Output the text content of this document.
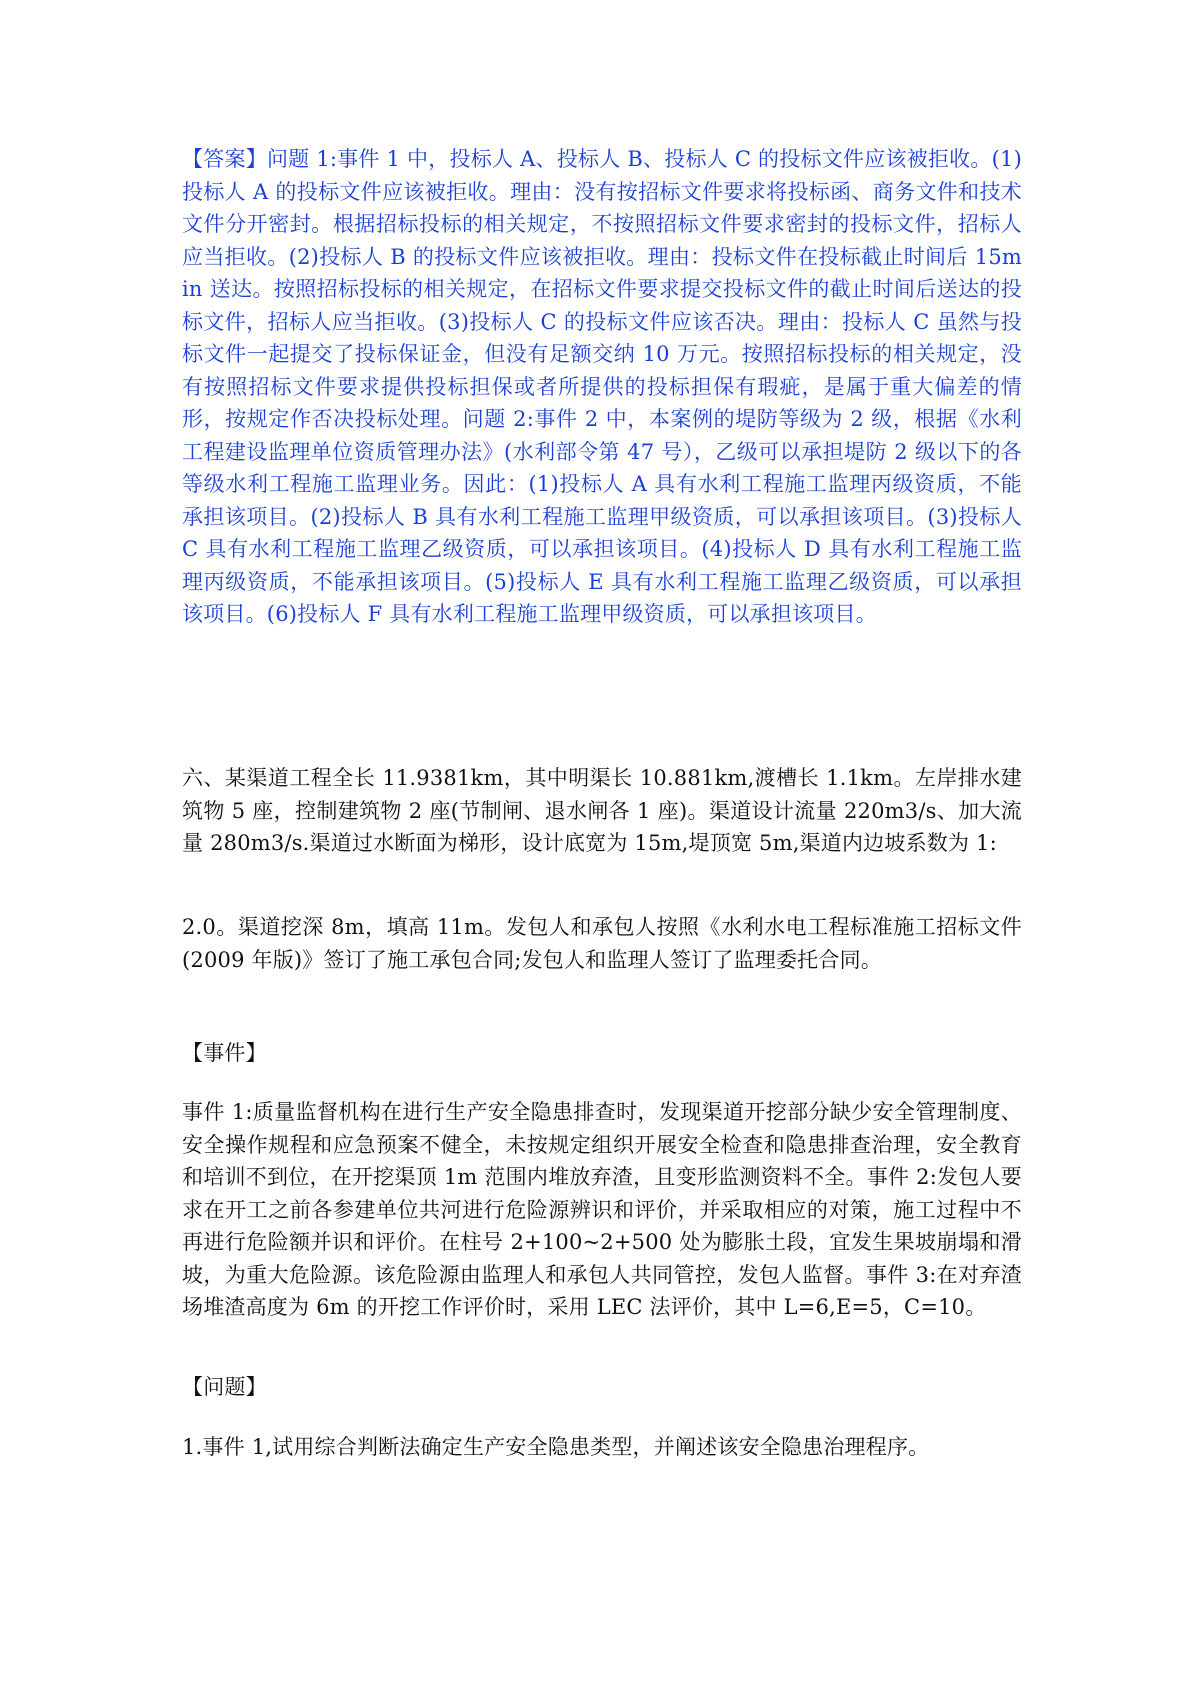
【答案】问题 1:事件 1 中，投标人 A、投标人 B、投标人 C 的投标文件应该被拒收。(1)投标人 A 的投标文件应该被拒收。理由：没有按招标文件要求将投标函、商务文件和技术文件分开密封。根据招标投标的相关规定，不按照招标文件要求密封的投标文件，招标人应当拒收。(2)投标人 B 的投标文件应该被拒收。理由：投标文件在投标截止时间后 15min 送达。按照招标投标的相关规定，在招标文件要求提交投标文件的截止时间后送达的投标文件，招标人应当拒收。(3)投标人 C 的投标文件应该否决。理由：投标人 C 虽然与投标文件一起提交了投标保证金，但没有足额交纳 10 万元。按照招标投标的相关规定，没有按照招标文件要求提供投标担保或者所提供的投标担保有瑕疵，是属于重大偏差的情形，按规定作否决投标处理。问题 2:事件 2 中，本案例的堤防等级为 2 级，根据《水利工程建设监理单位资质管理办法》(水利部令第 47 号），乙级可以承担堤防 2 级以下的各等级水利工程施工监理业务。因此：(1)投标人 A 具有水利工程施工监理丙级资质，不能承担该项目。(2)投标人 B 具有水利工程施工监理甲级资质，可以承担该项目。(3)投标人 C 具有水利工程施工监理乙级资质，可以承担该项目。(4)投标人 D 具有水利工程施工监理丙级资质，不能承担该项目。(5)投标人 E 具有水利工程施工监理乙级资质，可以承担该项目。(6)投标人 F 具有水利工程施工监理甲级资质，可以承担该项目。

六、某渠道工程全长 11.9381km，其中明渠长 10.881km,渡槽长 1.1km。左岸排水建筑物 5 座，控制建筑物 2 座(节制闸、退水闸各 1 座)。渠道设计流量 220m3/s、加大流量 280m3/s.渠道过水断面为梯形，设计底宽为 15m,堤顶宽 5m,渠道内边坡系数为 1:

2.0。渠道挖深 8m，填高 11m。发包人和承包人按照《水利水电工程标准施工招标文件(2009 年版)》签订了施工承包合同;发包人和监理人签订了监理委托合同。

【事件】

事件 1:质量监督机构在进行生产安全隐患排查时，发现渠道开挖部分缺少安全管理制度、安全操作规程和应急预案不健全，未按规定组织开展安全检查和隐患排查治理，安全教育和培训不到位，在开挖渠顶 1m 范围内堆放弃渣，且变形监测资料不全。事件 2:发包人要求在开工之前各参建单位共河进行危险源辨识和评价，并采取相应的对策，施工过程中不再进行危险额并识和评价。在柱号 2+100~2+500 处为膨胀土段，宜发生果坡崩塌和滑坡，为重大危险源。该危险源由监理人和承包人共同管控，发包人监督。事件 3:在对弃渣场堆渣高度为 6m 的开挖工作评价时，采用 LEC 法评价，其中 L=6,E=5，C=10。

【问题】

1.事件 1,试用综合判断法确定生产安全隐患类型，并阐述该安全隐患治理程序。
